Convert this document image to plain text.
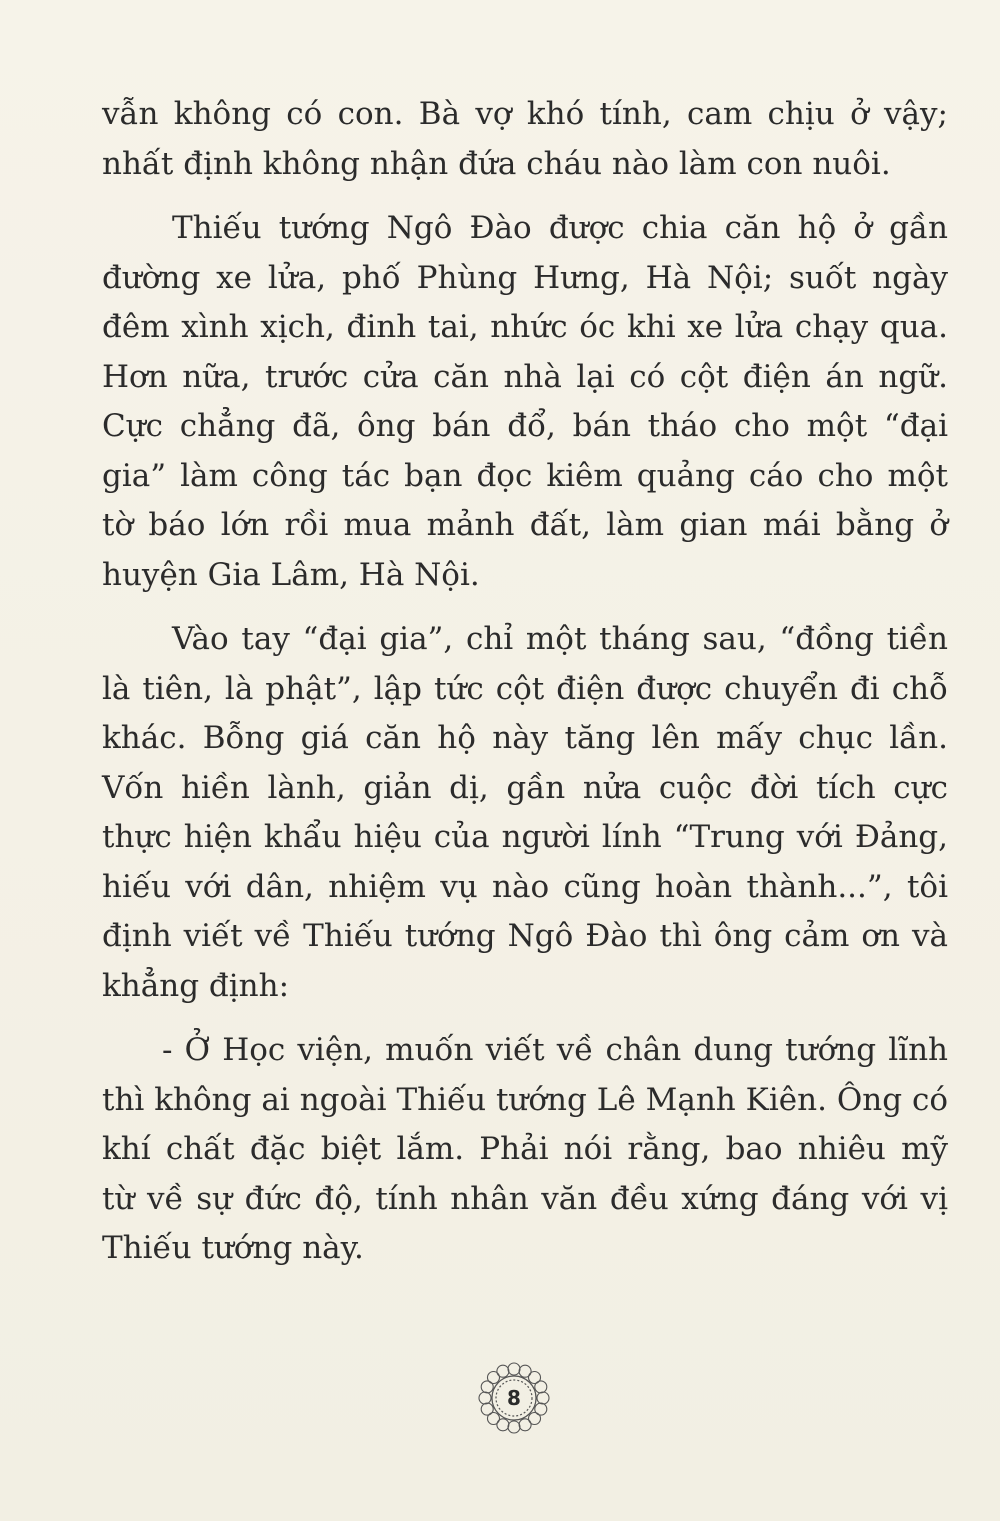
vẫn không có con. Bà vợ khó tính, cam chịu ở vậy;
nhất định không nhận đứa cháu nào làm con nuôi.

Thiếu tướng Ngô Đào được chia căn hộ ở gần
đường xe lửa, phố Phùng Hưng, Hà Nội; suốt ngày
đêm xình xịch, đinh tai, nhức óc khi xe lửa chạy qua.
Hơn nữa, trước cửa căn nhà lại có cột điện án ngữ.
Cực chẳng đã, ông bán đổ, bán tháo cho một “đại
gia” làm công tác bạn đọc kiêm quảng cáo cho một
tờ báo lớn rồi mua mảnh đất, làm gian mái bằng ở
huyện Gia Lâm, Hà Nội.

Vào tay “đại gia”, chỉ một tháng sau, “đồng tiền
là tiên, là phật”, lập tức cột điện được chuyển đi chỗ
khác. Bỗng giá căn hộ này tăng lên mấy chục lần.
Vốn hiền lành, giản dị, gần nửa cuộc đời tích cực
thực hiện khẩu hiệu của người lính “Trung với Đảng,
hiếu với dân, nhiệm vụ nào cũng hoàn thành...”, tôi
định viết về Thiếu tướng Ngô Đào thì ông cảm ơn và
khẳng định:

- Ở Học viện, muốn viết về chân dung tướng lĩnh
thì không ai ngoài Thiếu tướng Lê Mạnh Kiên. Ông có
khí chất đặc biệt lắm. Phải nói rằng, bao nhiêu mỹ
từ về sự đức độ, tính nhân văn đều xứng đáng với vị
Thiếu tướng này.

8
